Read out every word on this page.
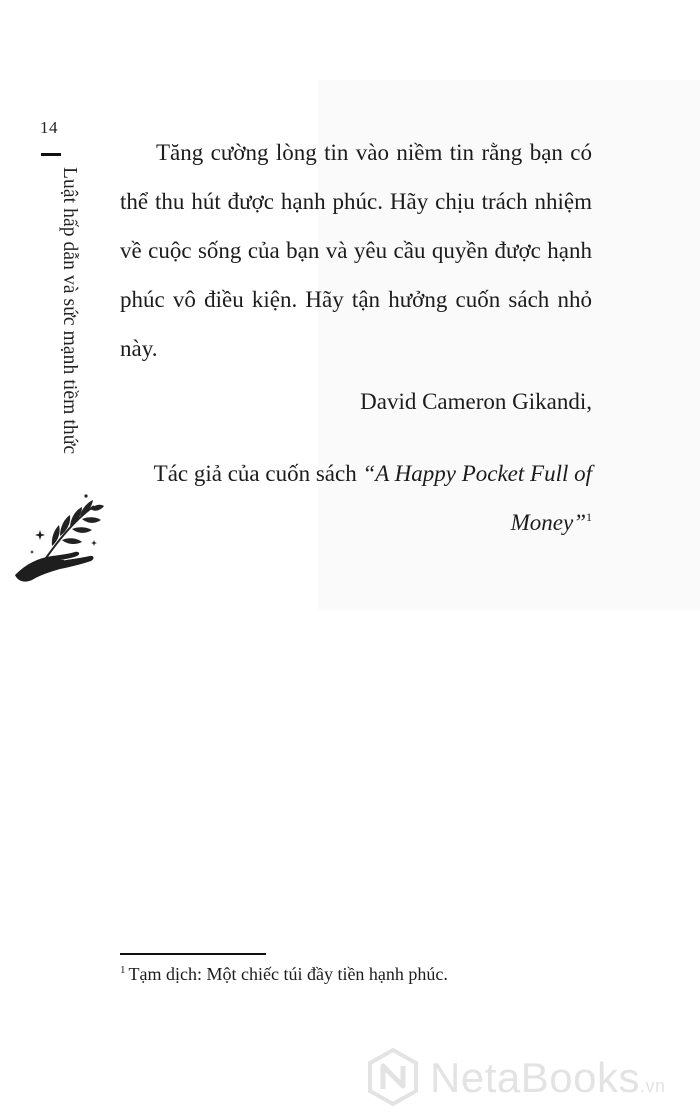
14
Luật hấp dẫn và sức mạnh tiềm thức

Tăng cường lòng tin vào niềm tin rằng bạn có thể thu hút được hạnh phúc. Hãy chịu trách nhiệm về cuộc sống của bạn và yêu cầu quyền được hạnh phúc vô điều kiện. Hãy tận hưởng cuốn sách nhỏ này.

David Cameron Gikandi,

Tác giả của cuốn sách “A Happy Pocket Full of Money”$^1$

$^1$ Tạm dịch: Một chiếc túi đầy tiền hạnh phúc.

NetaBooks.vn
